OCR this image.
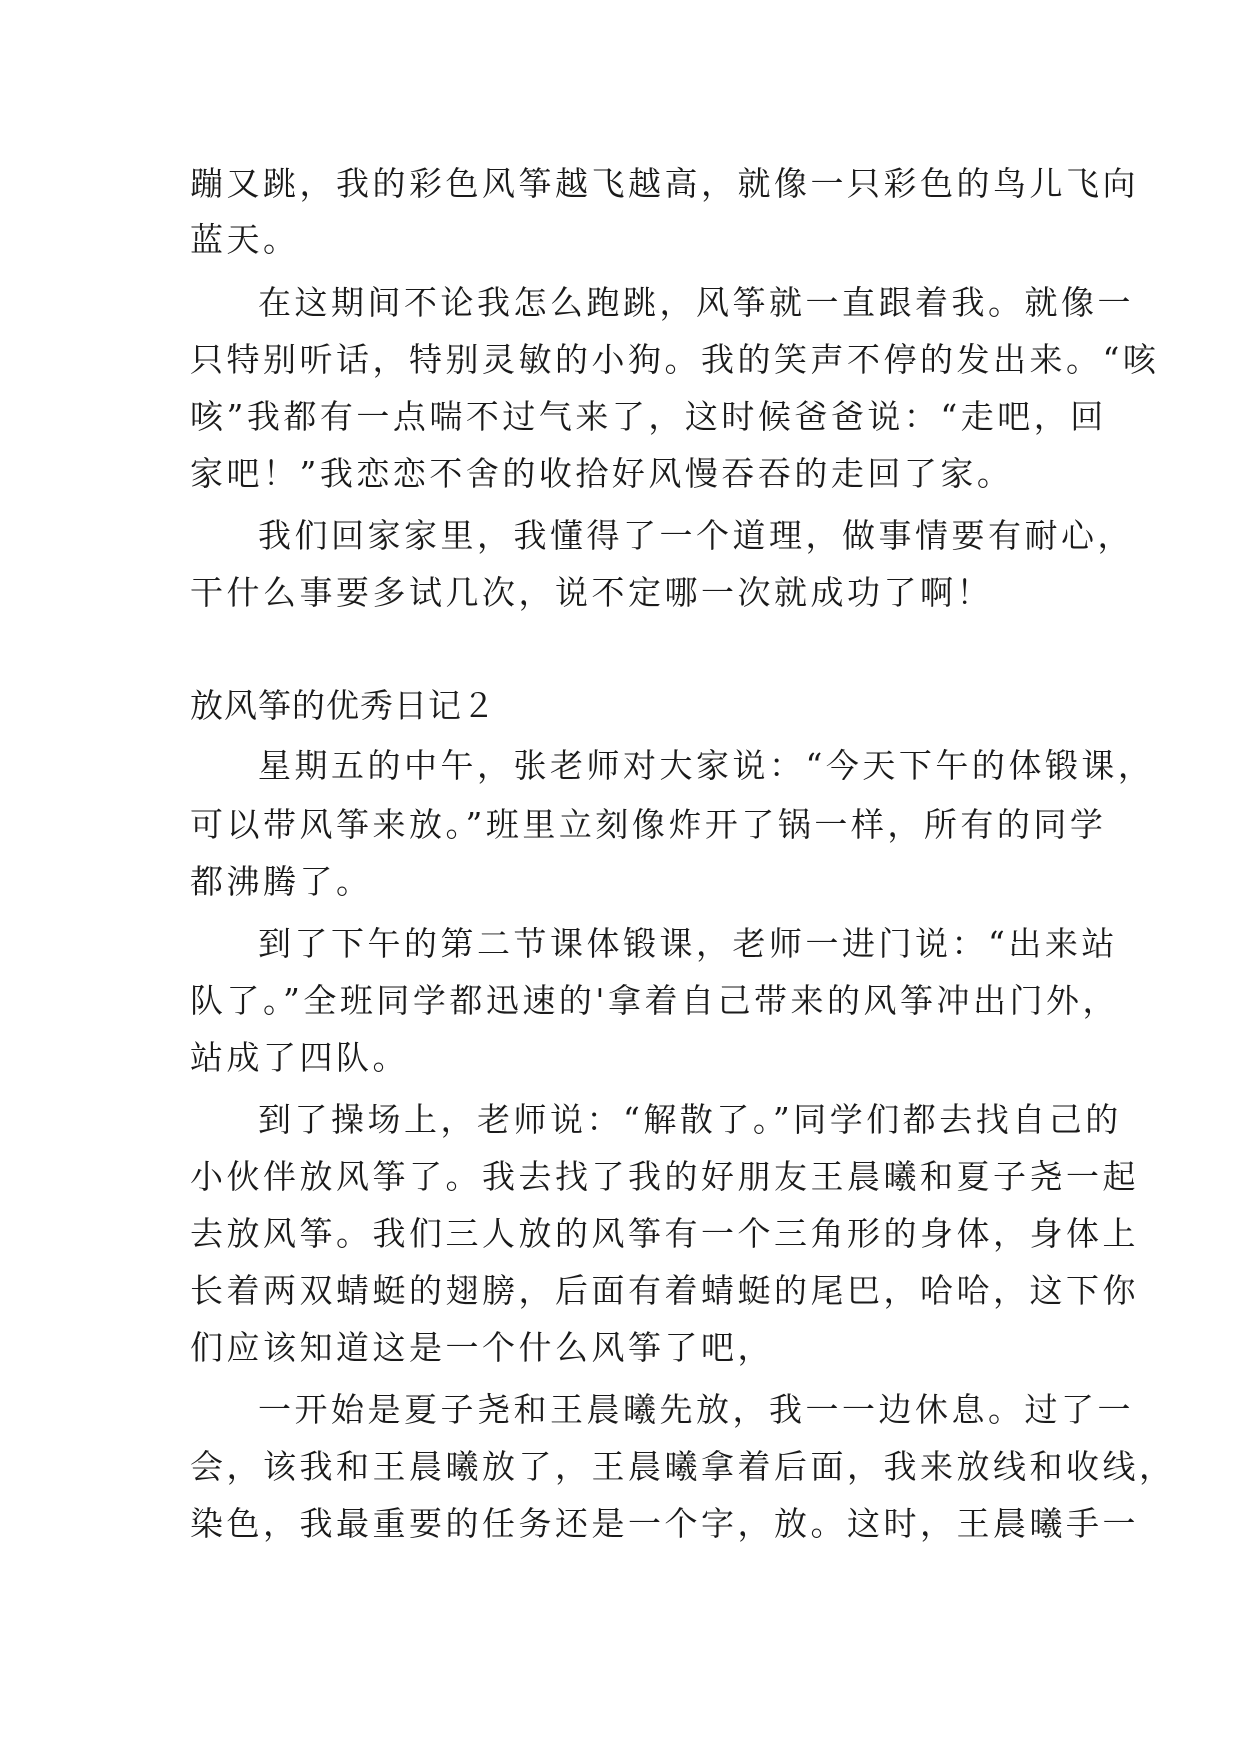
蹦又跳，我的彩色风筝越飞越高，就像一只彩色的鸟儿飞向
蓝天。
在这期间不论我怎么跑跳，风筝就一直跟着我。就像一
只特别听话，特别灵敏的小狗。我的笑声不停的发出来。“咳
咳”我都有一点喘不过气来了，这时候爸爸说：“走吧，回
家吧！”我恋恋不舍的收拾好风慢吞吞的走回了家。
我们回家家里，我懂得了一个道理，做事情要有耐心，
干什么事要多试几次，说不定哪一次就成功了啊！
放风筝的优秀日记２
星期五的中午，张老师对大家说：“今天下午的体锻课，
可以带风筝来放。”班里立刻像炸开了锅一样，所有的同学
都沸腾了。
到了下午的第二节课体锻课，老师一进门说：“出来站
队了。”全班同学都迅速的'拿着自己带来的风筝冲出门外，
站成了四队。
到了操场上，老师说：“解散了。”同学们都去找自己的
小伙伴放风筝了。我去找了我的好朋友王晨曦和夏子尧一起
去放风筝。我们三人放的风筝有一个三角形的身体，身体上
长着两双蜻蜓的翅膀，后面有着蜻蜓的尾巴，哈哈，这下你
们应该知道这是一个什么风筝了吧，
一开始是夏子尧和王晨曦先放，我一一边休息。过了一
会，该我和王晨曦放了，王晨曦拿着后面，我来放线和收线，
染色，我最重要的任务还是一个字，放。这时，王晨曦手一
